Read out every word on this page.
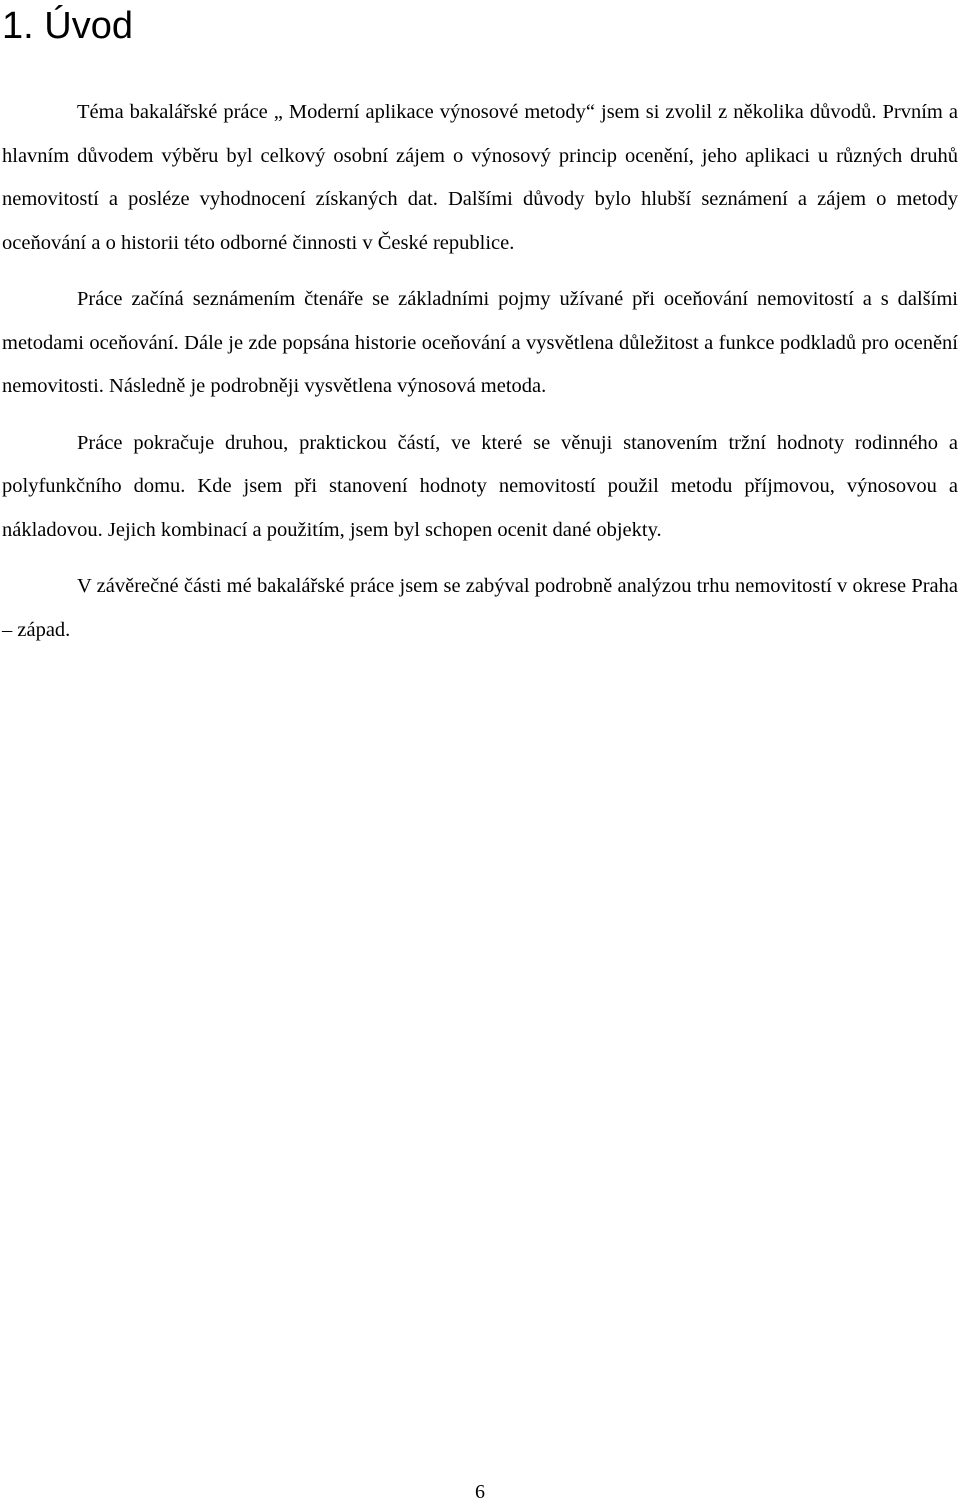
1. Úvod

Téma bakalářské práce „ Moderní aplikace výnosové metody“ jsem si zvolil z několika důvodů. Prvním a hlavním důvodem výběru byl celkový osobní zájem o výnosový princip ocenění, jeho aplikaci u různých druhů nemovitostí a posléze vyhodnocení získaných dat. Dalšími důvody bylo hlubší seznámení a zájem o metody oceňování a o historii této odborné činnosti v České republice.

Práce začíná seznámením čtenáře se základními pojmy užívané při oceňování nemovitostí a s dalšími metodami oceňování. Dále je zde popsána historie oceňování a vysvětlena důležitost a funkce podkladů pro ocenění nemovitosti. Následně je podrobněji vysvětlena výnosová metoda.

Práce pokračuje druhou, praktickou částí, ve které se věnuji stanovením tržní hodnoty rodinného a polyfunkčního domu. Kde jsem při stanovení hodnoty nemovitostí použil metodu příjmovou, výnosovou a nákladovou. Jejich kombinací a použitím, jsem byl schopen ocenit dané objekty.

V závěrečné části mé bakalářské práce jsem se zabýval podrobně analýzou trhu nemovitostí v okrese Praha – západ.

6
